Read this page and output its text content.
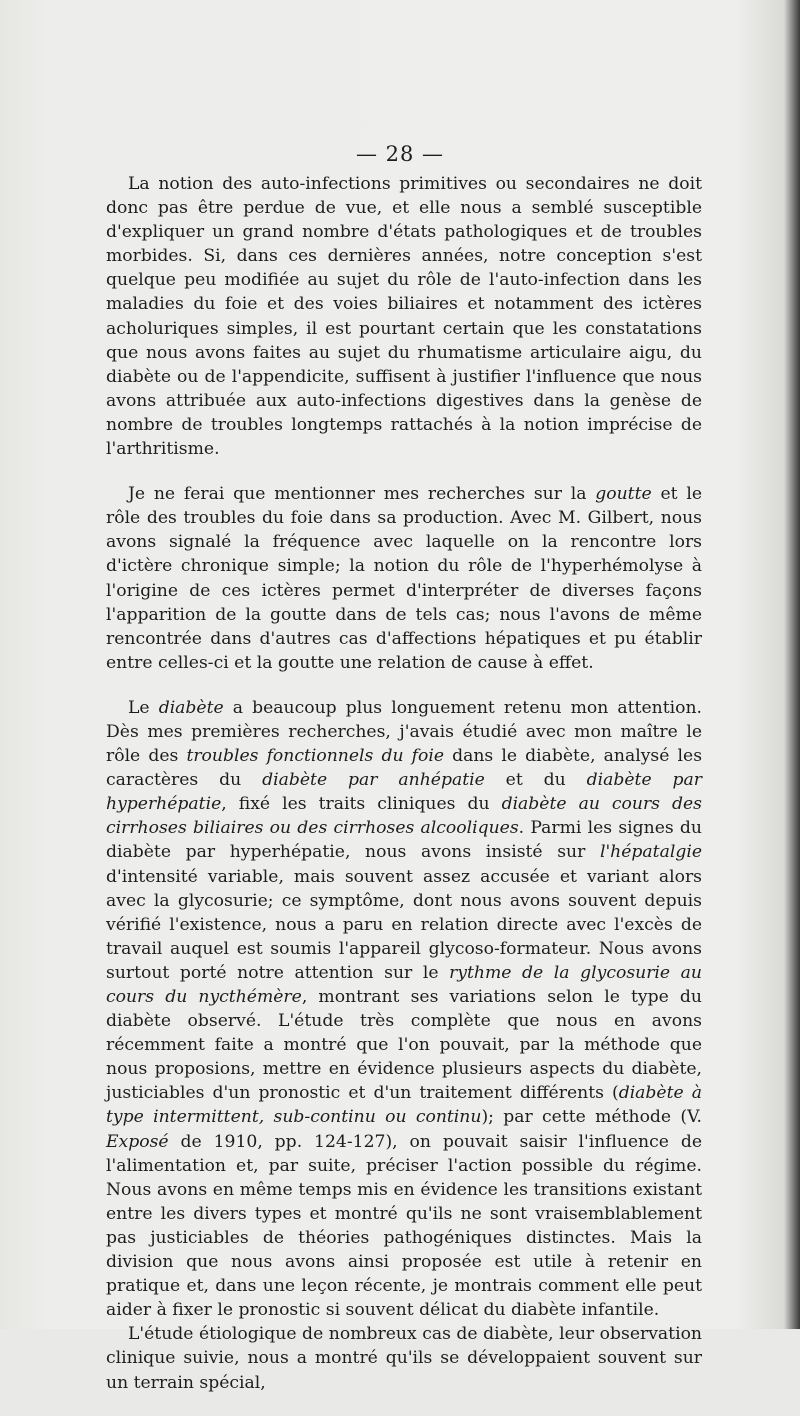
— 28 —

La notion des auto-infections primitives ou secondaires ne doit donc pas être perdue de vue, et elle nous a semblé susceptible d'expliquer un grand nombre d'états pathologiques et de troubles morbides. Si, dans ces dernières années, notre conception s'est quelque peu modifiée au sujet du rôle de l'auto-infection dans les maladies du foie et des voies biliaires et notamment des ictères acholuriques simples, il est pourtant certain que les constatations que nous avons faites au sujet du rhumatisme articulaire aigu, du diabète ou de l'appendicite, suffisent à justifier l'influence que nous avons attribuée aux auto-infections digestives dans la genèse de nombre de troubles longtemps rattachés à la notion imprécise de l'arthritisme.

Je ne ferai que mentionner mes recherches sur la goutte et le rôle des troubles du foie dans sa production. Avec M. Gilbert, nous avons signalé la fréquence avec laquelle on la rencontre lors d'ictère chronique simple; la notion du rôle de l'hyperhémolyse à l'origine de ces ictères permet d'interpréter de diverses façons l'apparition de la goutte dans de tels cas; nous l'avons de même rencontrée dans d'autres cas d'affections hépatiques et pu établir entre celles-ci et la goutte une relation de cause à effet.

Le diabète a beaucoup plus longuement retenu mon attention. Dès mes premières recherches, j'avais étudié avec mon maître le rôle des troubles fonctionnels du foie dans le diabète, analysé les caractères du diabète par anhépatie et du diabète par hyperhépatie, fixé les traits cliniques du diabète au cours des cirrhoses biliaires ou des cirrhoses alcooliques. Parmi les signes du diabète par hyperhépatie, nous avons insisté sur l'hépatalgie d'intensité variable, mais souvent assez accusée et variant alors avec la glycosurie; ce symptôme, dont nous avons souvent depuis vérifié l'existence, nous a paru en relation directe avec l'excès de travail auquel est soumis l'appareil glycoso-formateur. Nous avons surtout porté notre attention sur le rythme de la glycosurie au cours du nycthémère, montrant ses variations selon le type du diabète observé. L'étude très complète que nous en avons récemment faite a montré que l'on pouvait, par la méthode que nous proposions, mettre en évidence plusieurs aspects du diabète, justiciables d'un pronostic et d'un traitement différents (diabète à type intermittent, sub-continu ou continu); par cette méthode (V. Exposé de 1910, pp. 124-127), on pouvait saisir l'influence de l'alimentation et, par suite, préciser l'action possible du régime. Nous avons en même temps mis en évidence les transitions existant entre les divers types et montré qu'ils ne sont vraisemblablement pas justiciables de théories pathogéniques distinctes. Mais la division que nous avons ainsi proposée est utile à retenir en pratique et, dans une leçon récente, je montrais comment elle peut aider à fixer le pronostic si souvent délicat du diabète infantile.

L'étude étiologique de nombreux cas de diabète, leur observation clinique suivie, nous a montré qu'ils se développaient souvent sur un terrain spécial,
